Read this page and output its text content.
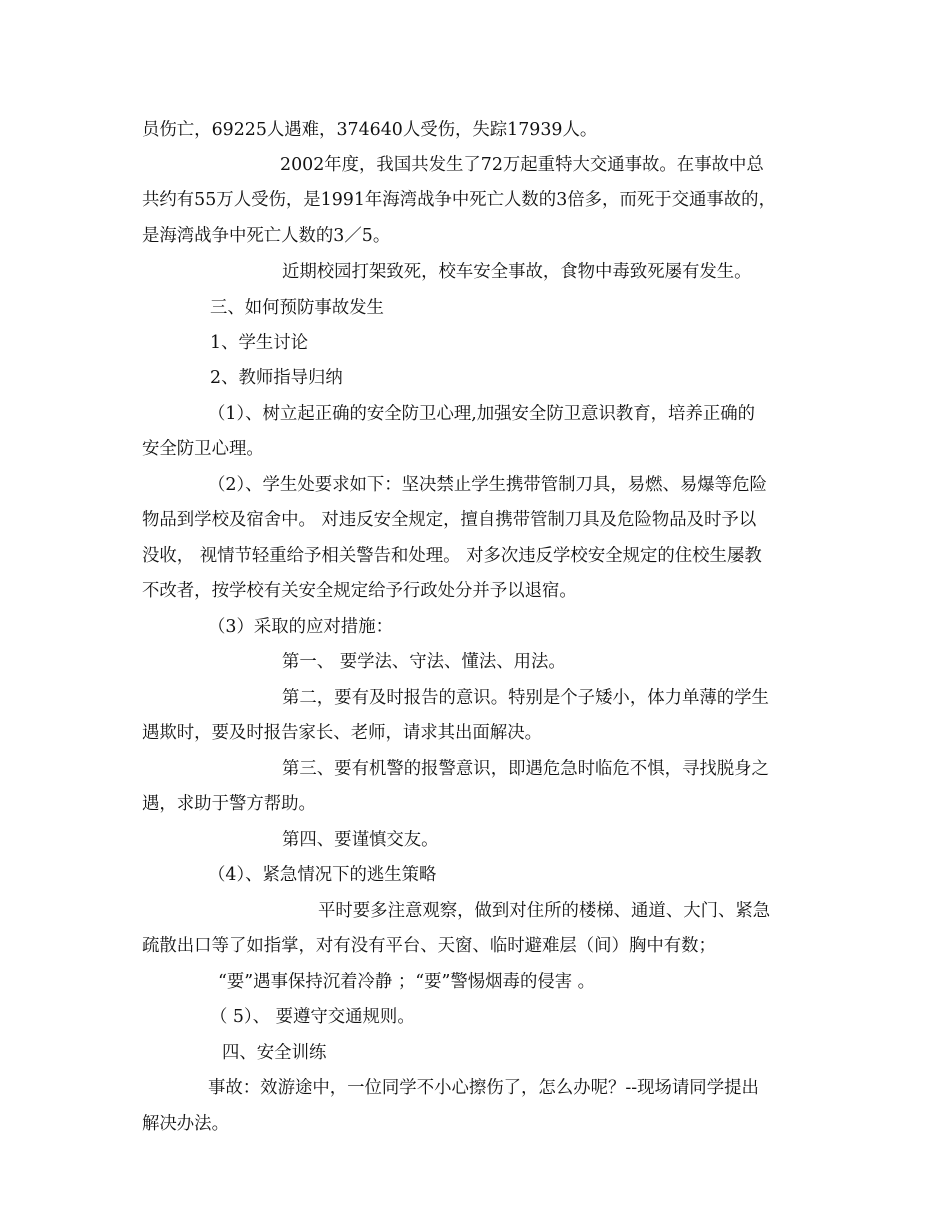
员伤亡，69225人遇难，374640人受伤，失踪17939人。
2002年度，我国共发生了72万起重特大交通事故。在事故中总
共约有55万人受伤，是1991年海湾战争中死亡人数的3倍多，而死于交通事故的，
是海湾战争中死亡人数的3／5。
近期校园打架致死，校车安全事故，食物中毒致死屡有发生。
三、如何预防事故发生
1、学生讨论
2、教师指导归纳
（1）、树立起正确的安全防卫心理,加强安全防卫意识教育，培养正确的
安全防卫心理。
（2）、学生处要求如下：坚决禁止学生携带管制刀具，易燃、易爆等危险
物品到学校及宿舍中。 对违反安全规定，擅自携带管制刀具及危险物品及时予以
没收， 视情节轻重给予相关警告和处理。 对多次违反学校安全规定的住校生屡教
不改者，按学校有关安全规定给予行政处分并予以退宿。
（3）采取的应对措施：
第一、 要学法、守法、懂法、用法。
第二，要有及时报告的意识。特别是个子矮小，体力单薄的学生
遇欺时，要及时报告家长、老师，请求其出面解决。
第三、要有机警的报警意识，即遇危急时临危不惧，寻找脱身之
遇，求助于警方帮助。
第四、要谨慎交友。
（4）、紧急情况下的逃生策略
平时要多注意观察，做到对住所的楼梯、通道、大门、紧急
疏散出口等了如指掌，对有没有平台、天窗、临时避难层（间）胸中有数；
“要”遇事保持沉着冷静 ；“要”警惕烟毒的侵害 。
（ 5）、 要遵守交通规则。
四、安全训练
事故：效游途中，一位同学不小心擦伤了，怎么办呢？--现场请同学提出
解决办法。
